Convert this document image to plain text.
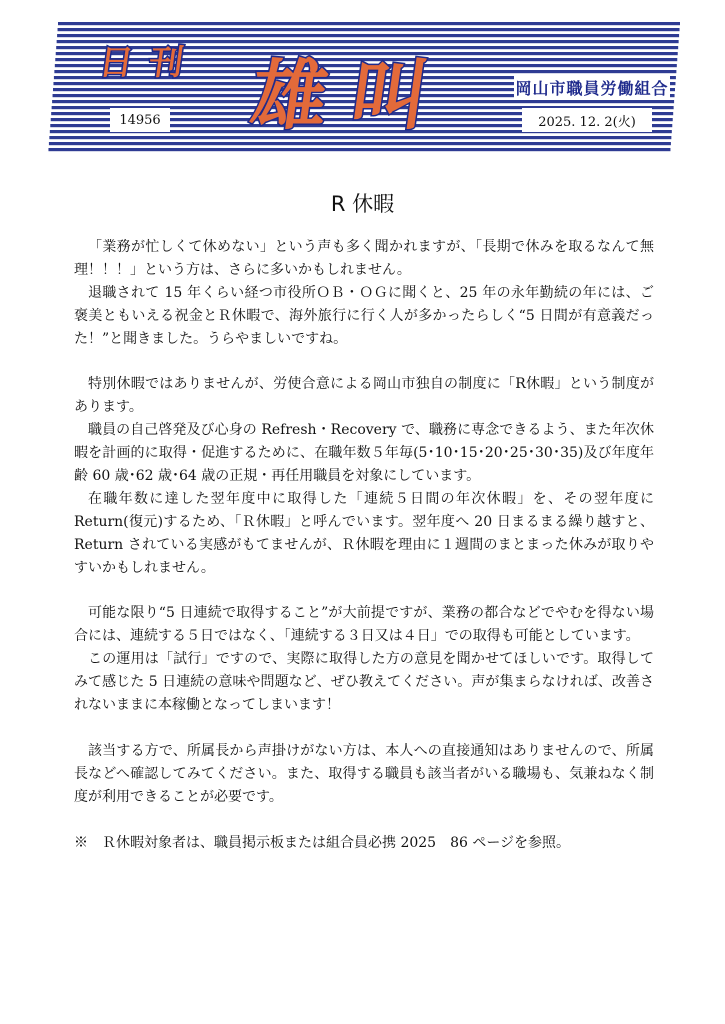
日 刊 雄 叫	岡山市職員労働組合
14956	2025. 12. 2(火)
R 休暇

「業務が忙しくて休めない」という声も多く聞かれますが、「長期で休みを取るなんて無理！！！」という方は、さらに多いかもしれません。

退職されて 15 年くらい経つ市役所ＯＢ・ＯＧに聞くと、25 年の永年勤続の年には、ご褒美ともいえる祝金とＲ休暇で、海外旅行に行く人が多かったらしく“5 日間が有意義だった！”と聞きました。うらやましいですね。

特別休暇ではありませんが、労使合意による岡山市独自の制度に「R休暇」という制度があります。

職員の自己啓発及び心身の Refresh・Recovery で、職務に専念できるよう、また年次休暇を計画的に取得・促進するために、在職年数５年毎(5･10･15･20･25･30･35)及び年度年齢 60 歳･62 歳･64 歳の正規・再任用職員を対象にしています。

在職年数に達した翌年度中に取得した「連続５日間の年次休暇」を、その翌年度に Return(復元)するため、「Ｒ休暇」と呼んでいます。翌年度へ 20 日まるまる繰り越すと、Return されている実感がもてませんが、Ｒ休暇を理由に１週間のまとまった休みが取りやすいかもしれません。

可能な限り“5 日連続で取得すること”が大前提ですが、業務の都合などでやむを得ない場合には、連続する５日ではなく、「連続する３日又は４日」での取得も可能としています。

この運用は「試行」ですので、実際に取得した方の意見を聞かせてほしいです。取得してみて感じた 5 日連続の意味や問題など、ぜひ教えてください。声が集まらなければ、改善されないままに本稼働となってしまいます！

該当する方で、所属長から声掛けがない方は、本人への直接通知はありませんので、所属長などへ確認してみてください。また、取得する職員も該当者がいる職場も、気兼ねなく制度が利用できることが必要です。

※　Ｒ休暇対象者は、職員掲示板または組合員必携 2025　86 ページを参照。
